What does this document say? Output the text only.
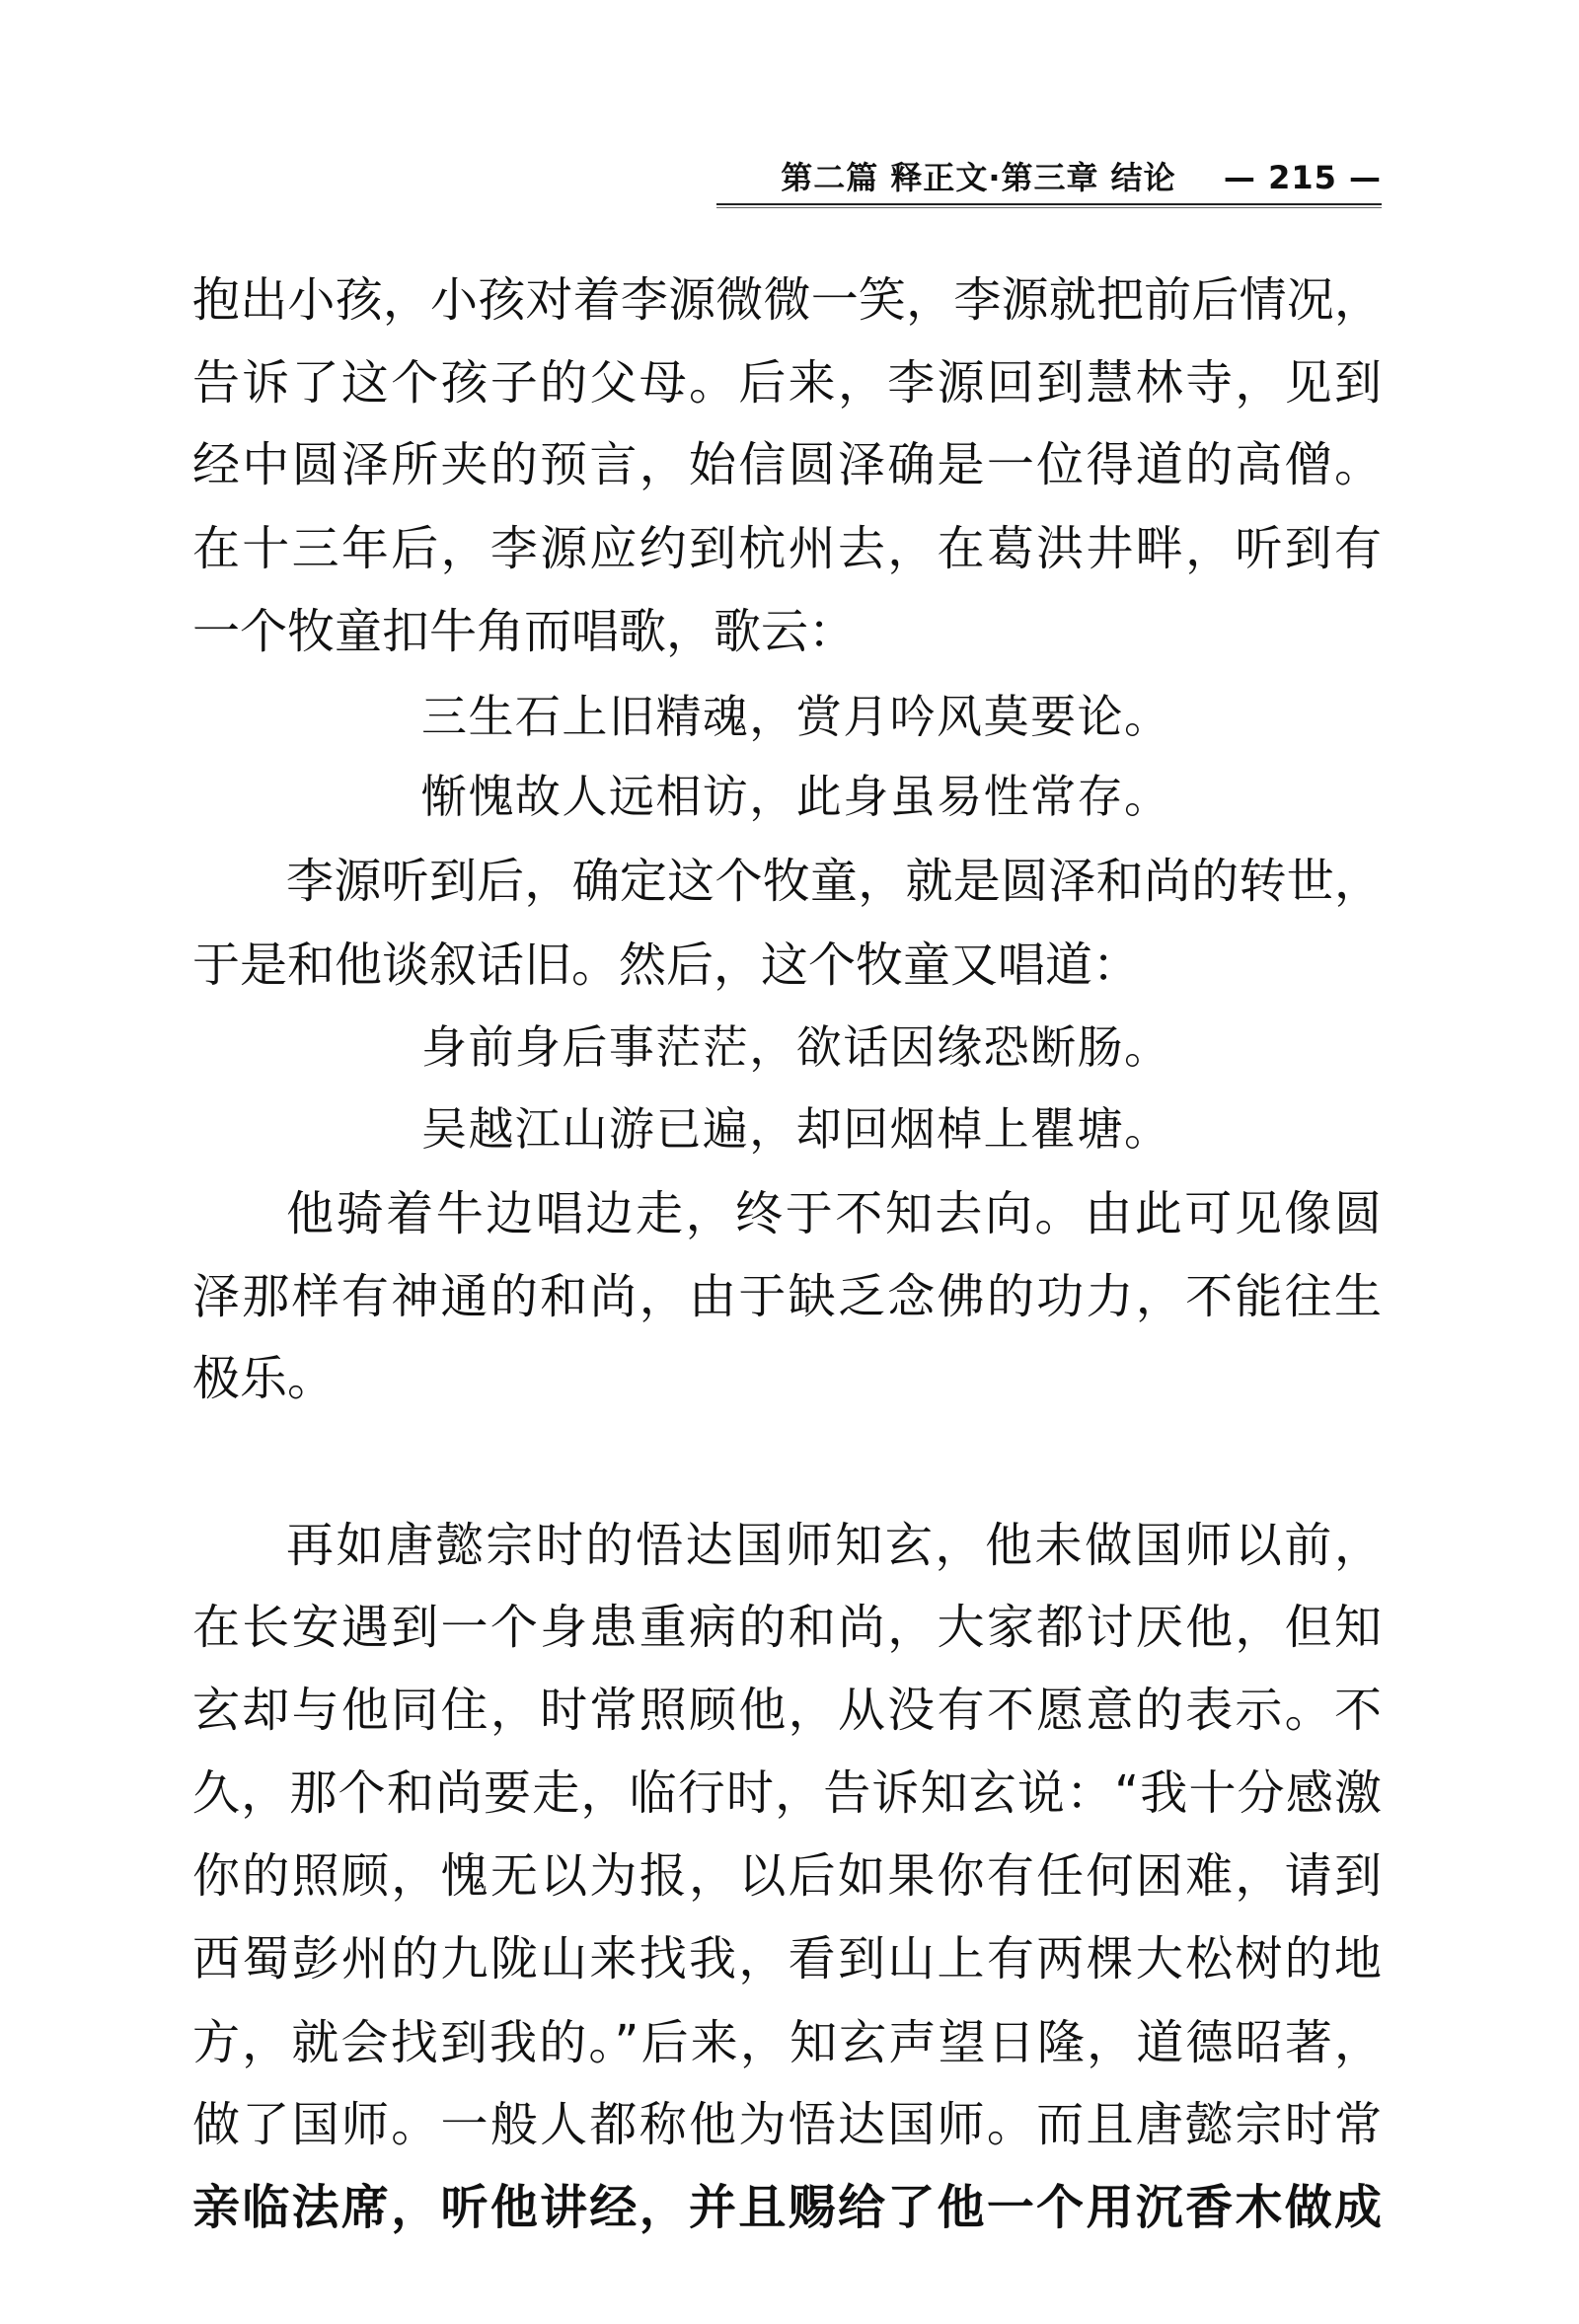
第二篇 释正文·第三章 结论 — 215 —
抱出小孩，小孩对着李源微微一笑，李源就把前后情况，
告诉了这个孩子的父母。后来，李源回到慧林寺，见到
经中圆泽所夹的预言，始信圆泽确是一位得道的高僧。
在十三年后，李源应约到杭州去，在葛洪井畔，听到有
一个牧童扣牛角而唱歌，歌云：
三生石上旧精魂，赏月吟风莫要论。
惭愧故人远相访，此身虽易性常存。
李源听到后，确定这个牧童，就是圆泽和尚的转世，
于是和他谈叙话旧。然后，这个牧童又唱道：
身前身后事茫茫，欲话因缘恐断肠。
吴越江山游已遍，却回烟棹上瞿塘。
他骑着牛边唱边走，终于不知去向。由此可见像圆
泽那样有神通的和尚，由于缺乏念佛的功力，不能往生
极乐。
再如唐懿宗时的悟达国师知玄，他未做国师以前，
在长安遇到一个身患重病的和尚，大家都讨厌他，但知
玄却与他同住，时常照顾他，从没有不愿意的表示。不
久，那个和尚要走，临行时，告诉知玄说：“我十分感激
你的照顾，愧无以为报，以后如果你有任何困难，请到
西蜀彭州的九陇山来找我，看到山上有两棵大松树的地
方，就会找到我的。”后来，知玄声望日隆，道德昭著，
做了国师。一般人都称他为悟达国师。而且唐懿宗时常
亲临法席，听他讲经，并且赐给了他一个用沉香木做成
